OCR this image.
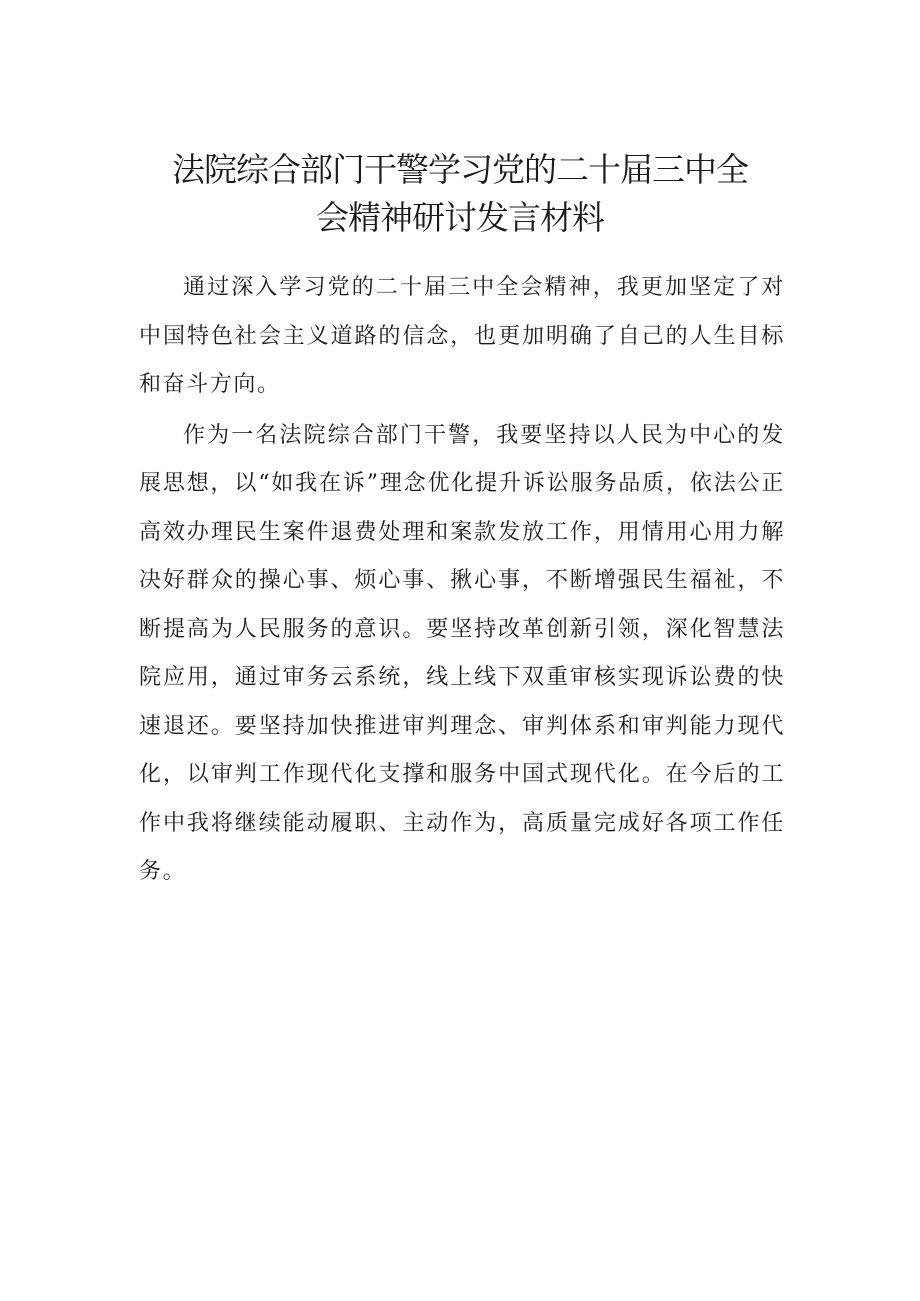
法院综合部门干警学习党的二十届三中全
会精神研讨发言材料

通过深入学习党的二十届三中全会精神，我更加坚定了对中国特色社会主义道路的信念，也更加明确了自己的人生目标和奋斗方向。

作为一名法院综合部门干警，我要坚持以人民为中心的发展思想，以“如我在诉”理念优化提升诉讼服务品质，依法公正高效办理民生案件退费处理和案款发放工作，用情用心用力解决好群众的操心事、烦心事、揪心事，不断增强民生福祉，不断提高为人民服务的意识。要坚持改革创新引领，深化智慧法院应用，通过审务云系统，线上线下双重审核实现诉讼费的快速退还。要坚持加快推进审判理念、审判体系和审判能力现代化，以审判工作现代化支撑和服务中国式现代化。在今后的工作中我将继续能动履职、主动作为，高质量完成好各项工作任务。
